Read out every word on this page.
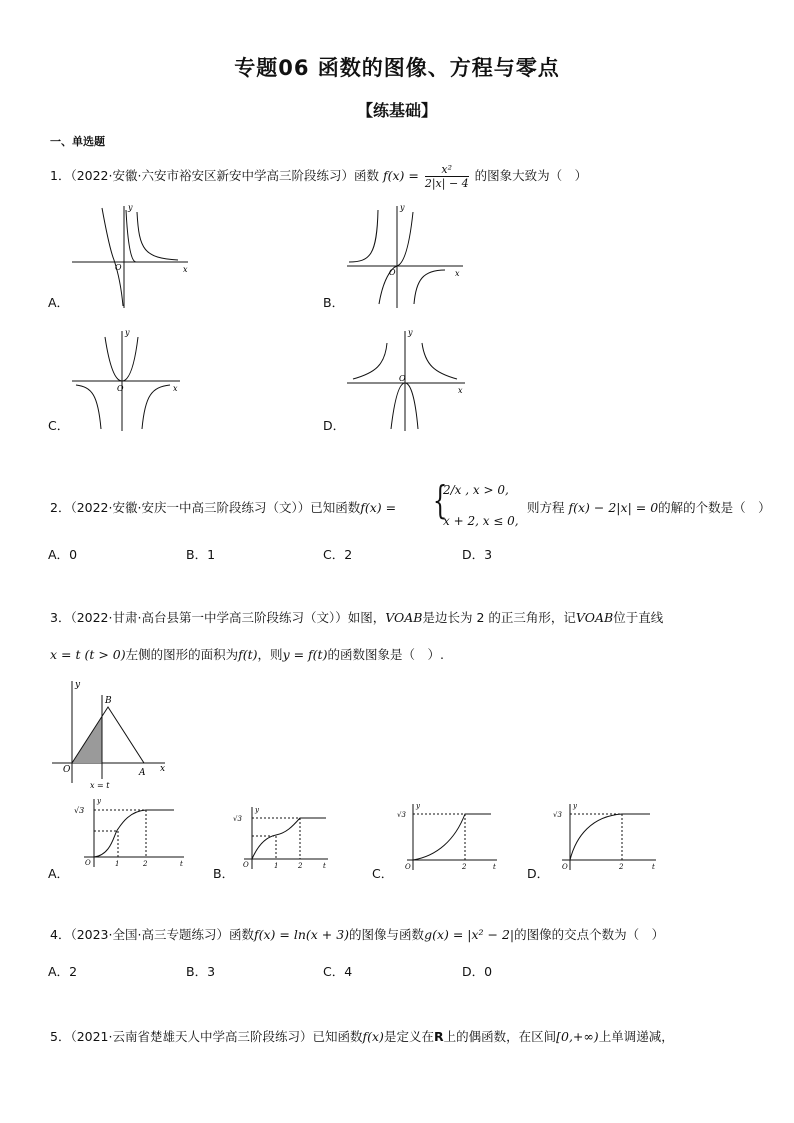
专题06 函数的图像、方程与零点
【练基础】
一、单选题
1．（2022·安徽·六安市裕安区新安中学高三阶段练习）函数 $f(x) = \frac{\text{x²}}{2|x| - 4}$ 的图象大致为（　）
y
x
O
A．
y
x
O
B．
y
x
O
C．
y
x
O
D．
2．（2022·安徽·安庆一中高三阶段练习（文））已知函数f(x) = {
2/x , x > 0,
x + 2, x ≤ 0,
则方程 f(x) − 2|x| = 0的解的个数是（　）
A．0	B．1	C．2	D．3
3．（2022·甘肃·高台县第一中学高三阶段练习（文））如图，VOAB是边长为 2 的正三角形，记VOAB位于直线
x = t (t > 0)左侧的图形的面积为f(t)，则y = f(t)的函数图象是（　）.
y
x
O	A
B
x = t
√3
y
O	1	2	t
A．
√3
y
O	1	2	t
B．
√3
y
O	2	t
C．
√3
y
O	2	t
D．
4．（2023·全国·高三专题练习）函数f(x) = ln(x + 3)的图像与函数g(x) = |x² − 2|的图像的交点个数为（　）
A．2	B．3	C．4	D．0
5．（2021·云南省楚雄天人中学高三阶段练习）已知函数f(x)是定义在R上的偶函数，在区间[0,+∞)上单调递减，
